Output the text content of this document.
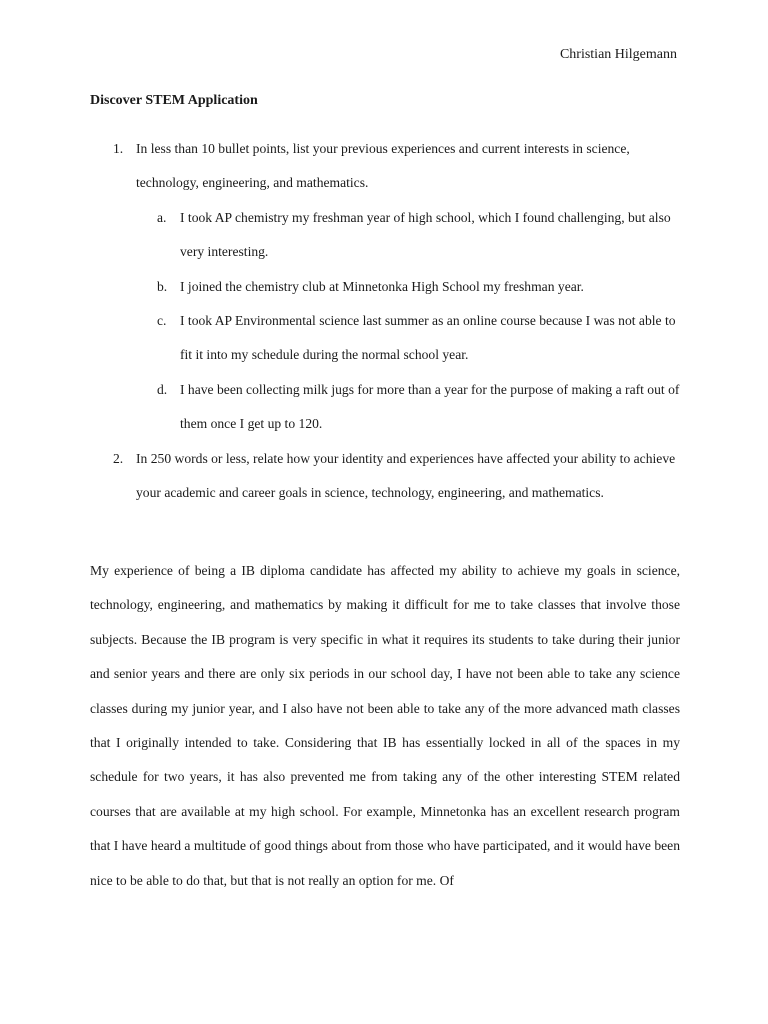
Christian Hilgemann
Discover STEM Application
1. In less than 10 bullet points, list your previous experiences and current interests in science, technology, engineering, and mathematics.

a. I took AP chemistry my freshman year of high school, which I found challenging, but also very interesting.

b. I joined the chemistry club at Minnetonka High School my freshman year.

c. I took AP Environmental science last summer as an online course because I was not able to fit it into my schedule during the normal school year.

d. I have been collecting milk jugs for more than a year for the purpose of making a raft out of them once I get up to 120.

2. In 250 words or less, relate how your identity and experiences have affected your ability to achieve your academic and career goals in science, technology, engineering, and mathematics.

My experience of being a IB diploma candidate has affected my ability to achieve my goals in science, technology, engineering, and mathematics by making it difficult for me to take classes that involve those subjects. Because the IB program is very specific in what it requires its students to take during their junior and senior years and there are only six periods in our school day, I have not been able to take any science classes during my junior year, and I also have not been able to take any of the more advanced math classes that I originally intended to take. Considering that IB has essentially locked in all of the spaces in my schedule for two years, it has also prevented me from taking any of the other interesting STEM related courses that are available at my high school. For example, Minnetonka has an excellent research program that I have heard a multitude of good things about from those who have participated, and it would have been nice to be able to do that, but that is not really an option for me. Of
